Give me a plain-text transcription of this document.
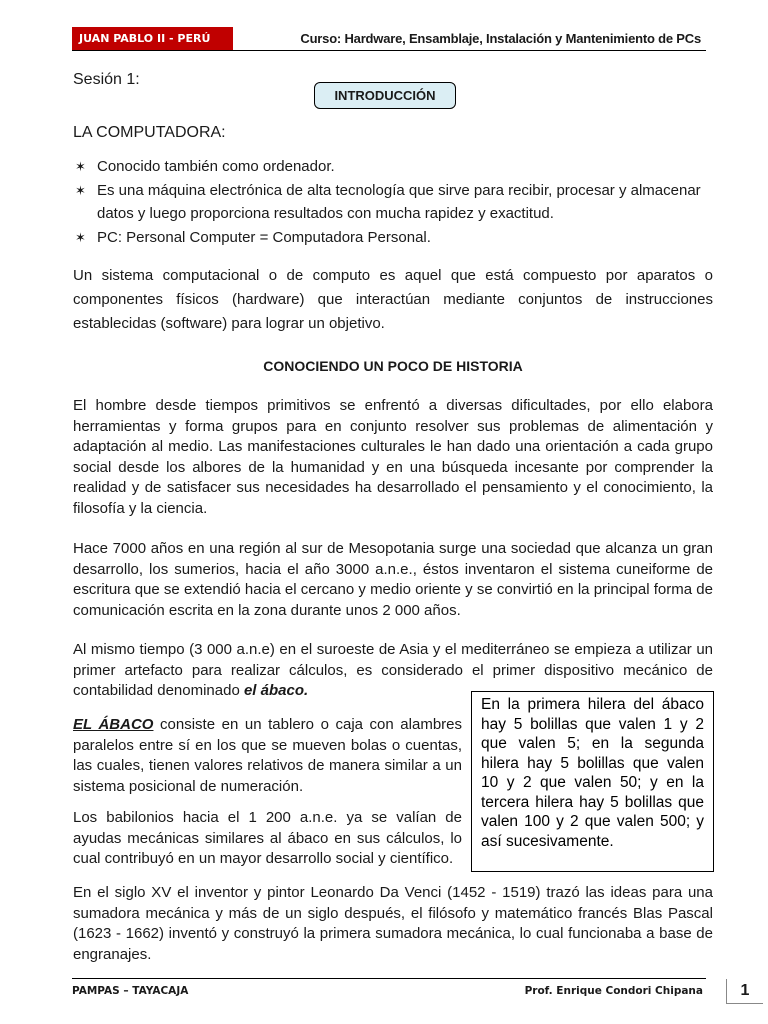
JUAN PABLO II - PERÚ	Curso: Hardware, Ensamblaje, Instalación y Mantenimiento de PCs
Sesión 1:
INTRODUCCIÓN
LA COMPUTADORA:
✶ Conocido también como ordenador.
✶ Es una máquina electrónica de alta tecnología que sirve para recibir, procesar y almacenar datos y luego proporciona resultados con mucha rapidez y exactitud.
✶ PC: Personal Computer = Computadora Personal.
Un sistema computacional o de computo es aquel que está compuesto por aparatos o componentes físicos (hardware) que interactúan mediante conjuntos de instrucciones establecidas (software) para lograr un objetivo.
CONOCIENDO UN POCO DE HISTORIA
El hombre desde tiempos primitivos se enfrentó a diversas dificultades, por ello elabora herramientas y forma grupos para en conjunto resolver sus problemas de alimentación y adaptación al medio. Las manifestaciones culturales le han dado una orientación a cada grupo social desde los albores de la humanidad y en una búsqueda incesante por comprender la realidad y de satisfacer sus necesidades ha desarrollado el pensamiento y el conocimiento, la filosofía y la ciencia.
Hace 7000 años en una región al sur de Mesopotania surge una sociedad que alcanza un gran desarrollo, los sumerios, hacia el año 3000 a.n.e., éstos inventaron el sistema cuneiforme de escritura que se extendió hacia el cercano y medio oriente y se convirtió en la principal forma de comunicación escrita en la zona durante unos 2 000 años.
Al mismo tiempo (3 000 a.n.e) en el suroeste de Asia y el mediterráneo se empieza a utilizar un primer artefacto para realizar cálculos, es considerado el primer dispositivo mecánico de contabilidad denominado el ábaco.
EL ÁBACO consiste en un tablero o caja con alambres paralelos entre sí en los que se mueven bolas o cuentas, las cuales, tienen valores relativos de manera similar a un sistema posicional de numeración.
Los babilonios hacia el 1 200 a.n.e. ya se valían de ayudas mecánicas similares al ábaco en sus cálculos, lo cual contribuyó en un mayor desarrollo social y científico.
En la primera hilera del ábaco hay 5 bolillas que valen 1 y 2 que valen 5; en la segunda hilera hay 5 bolillas que valen 10 y 2 que valen 50; y en la tercera hilera hay 5 bolillas que valen 100 y 2 que valen 500; y así sucesivamente.
En el siglo XV el inventor y pintor Leonardo Da Venci (1452 - 1519) trazó las ideas para una sumadora mecánica y más de un siglo después, el filósofo y matemático francés Blas Pascal (1623 - 1662) inventó y construyó la primera sumadora mecánica, lo cual funcionaba a base de engranajes.
PAMPAS – TAYACAJA	Prof. Enrique Condori Chipana	1
